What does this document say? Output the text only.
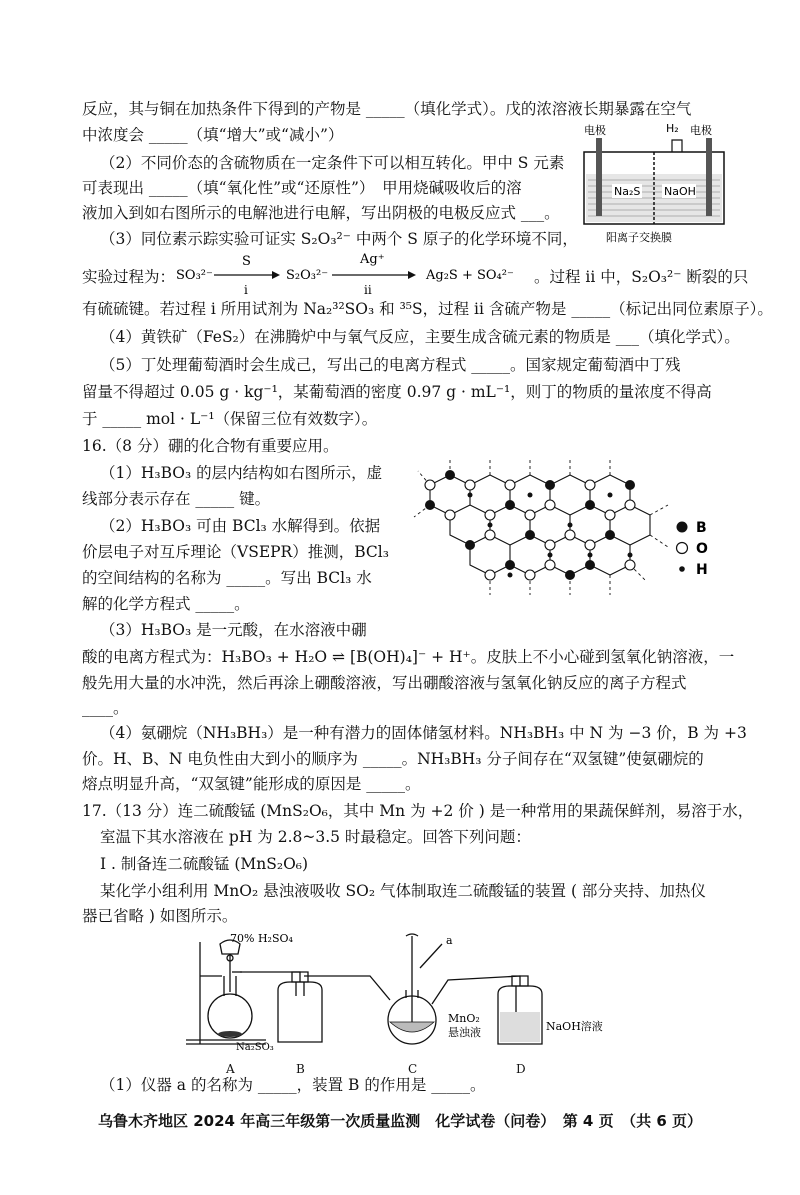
反应，其与铜在加热条件下得到的产物是 _____（填化学式）。戊的浓溶液长期暴露在空气
中浓度会 _____（填“增大”或“减小”）
（2）不同价态的含硫物质在一定条件下可以相互转化。甲中 S 元素
可表现出 _____（填“氧化性”或“还原性”）　甲用烧碱吸收后的溶
液加入到如右图所示的电解池进行电解，写出阴极的电极反应式 ___。
（3）同位素示踪实验可证实 S₂O₃²⁻ 中两个 S 原子的化学环境不同，
电极	H₂ 电极
Na₂S NaOH
阳离子交换膜
实验过程为： SO₃²⁻
S
i
S₂O₃²⁻
Ag⁺
ii
Ag₂S + SO₄²⁻ 。过程 ii 中，S₂O₃²⁻ 断裂的只
有硫硫键。若过程 i 所用试剂为 Na₂³²SO₃ 和 ³⁵S，过程 ii 含硫产物是 _____（标记出同位素原子）。
（4）黄铁矿（FeS₂）在沸腾炉中与氧气反应，主要生成含硫元素的物质是 ___（填化学式）。
（5）丁处理葡萄酒时会生成己，写出己的电离方程式 _____。国家规定葡萄酒中丁残
留量不得超过 0.05 g · kg⁻¹，某葡萄酒的密度 0.97 g · mL⁻¹，则丁的物质的量浓度不得高
于 _____ mol · L⁻¹（保留三位有效数字）。
16.（8 分）硼的化合物有重要应用。
（1）H₃BO₃ 的层内结构如右图所示，虚
线部分表示存在 _____ 键。
（2）H₃BO₃ 可由 BCl₃ 水解得到。依据
价层电子对互斥理论（VSEPR）推测，BCl₃
的空间结构的名称为 _____。写出 BCl₃ 水
解的化学方程式 _____。
（3）H₃BO₃ 是一元酸，在水溶液中硼
B
O
H
酸的电离方程式为：H₃BO₃ + H₂O ⇌ [B(OH)₄]⁻ + H⁺。皮肤上不小心碰到氢氧化钠溶液，一
般先用大量的水冲洗，然后再涂上硼酸溶液，写出硼酸溶液与氢氧化钠反应的离子方程式
____。
（4）氨硼烷（NH₃BH₃）是一种有潜力的固体储氢材料。NH₃BH₃ 中 N 为 −3 价，B 为 +3
价。H、B、N 电负性由大到小的顺序为 _____。NH₃BH₃ 分子间存在“双氢键”使氨硼烷的
熔点明显升高，“双氢键”能形成的原因是 _____。
17.（13 分）连二硫酸锰 (MnS₂O₆，其中 Mn 为 +2 价 ) 是一种常用的果蔬保鲜剂，易溶于水，
室温下其水溶液在 pH 为 2.8~3.5 时最稳定。回答下列问题：
Ⅰ . 制备连二硫酸锰 (MnS₂O₆)
某化学小组利用 MnO₂ 悬浊液吸收 SO₂ 气体制取连二硫酸锰的装置 ( 部分夹持、加热仪
器已省略 ) 如图所示。
70% H₂SO₄	a
Na₂SO₃
MnO₂
悬浊液	NaOH溶液
A	B	C	D
（1）仪器 a 的名称为 _____，装置 B 的作用是 _____。
乌鲁木齐地区 2024 年高三年级第一次质量监测　化学试卷（问卷）　第 4 页　（共 6 页）
